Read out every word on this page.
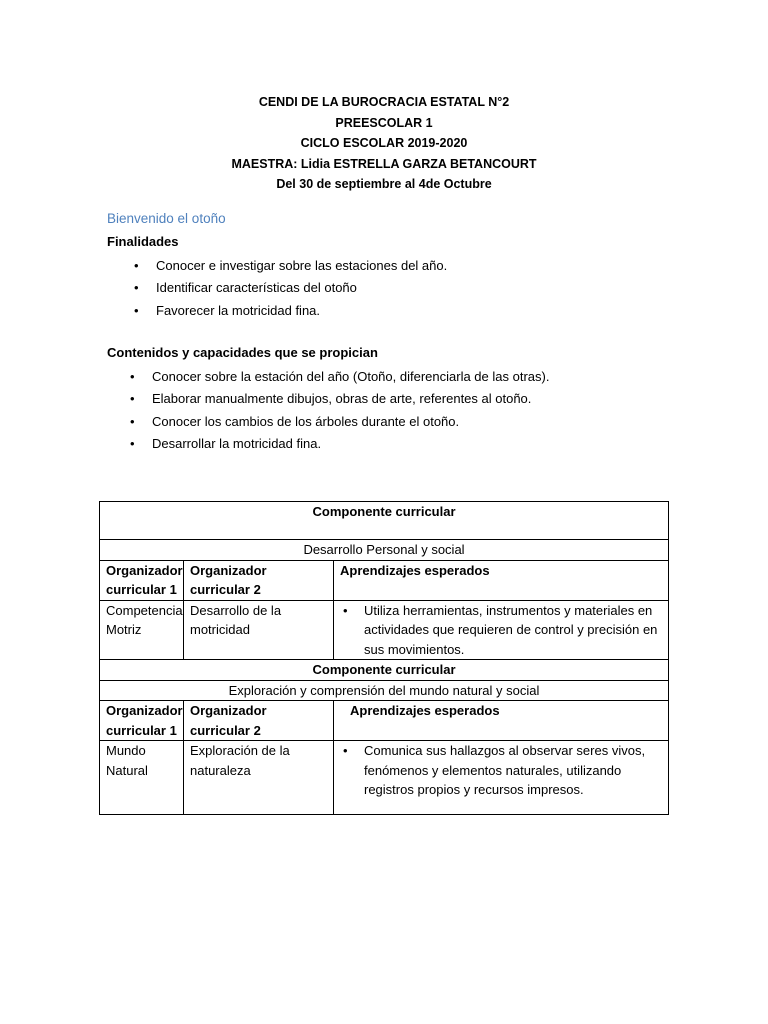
CENDI DE LA BUROCRACIA ESTATAL N°2
PREESCOLAR 1
CICLO ESCOLAR 2019-2020
MAESTRA: Lidia ESTRELLA GARZA BETANCOURT
Del 30 de septiembre al 4de Octubre
Bienvenido el otoño
Finalidades
• Conocer e investigar sobre las estaciones del año.
• Identificar características del otoño
• Favorecer la motricidad fina.
Contenidos y capacidades que se propician
• Conocer sobre la estación del año (Otoño, diferenciarla de las otras).
• Elaborar manualmente dibujos, obras de arte, referentes al otoño.
• Conocer los cambios de los árboles durante el otoño.
• Desarrollar la motricidad fina.
Componente curricular		
Desarrollo Personal y social		
Organizador curricular 1	Organizador curricular 2	Aprendizajes esperados
Competencia Motriz	Desarrollo de la motricidad	• Utiliza herramientas, instrumentos y materiales en actividades que requieren de control y precisión en sus movimientos.

Componente curricular		
Exploración y comprensión del mundo natural y social		
Organizador curricular 1	Organizador curricular 2	Aprendizajes esperados

Mundo Natural	Exploración de la naturaleza	• Comunica sus hallazgos al observar seres vivos, fenómenos y elementos naturales, utilizando registros propios y recursos impresos.
